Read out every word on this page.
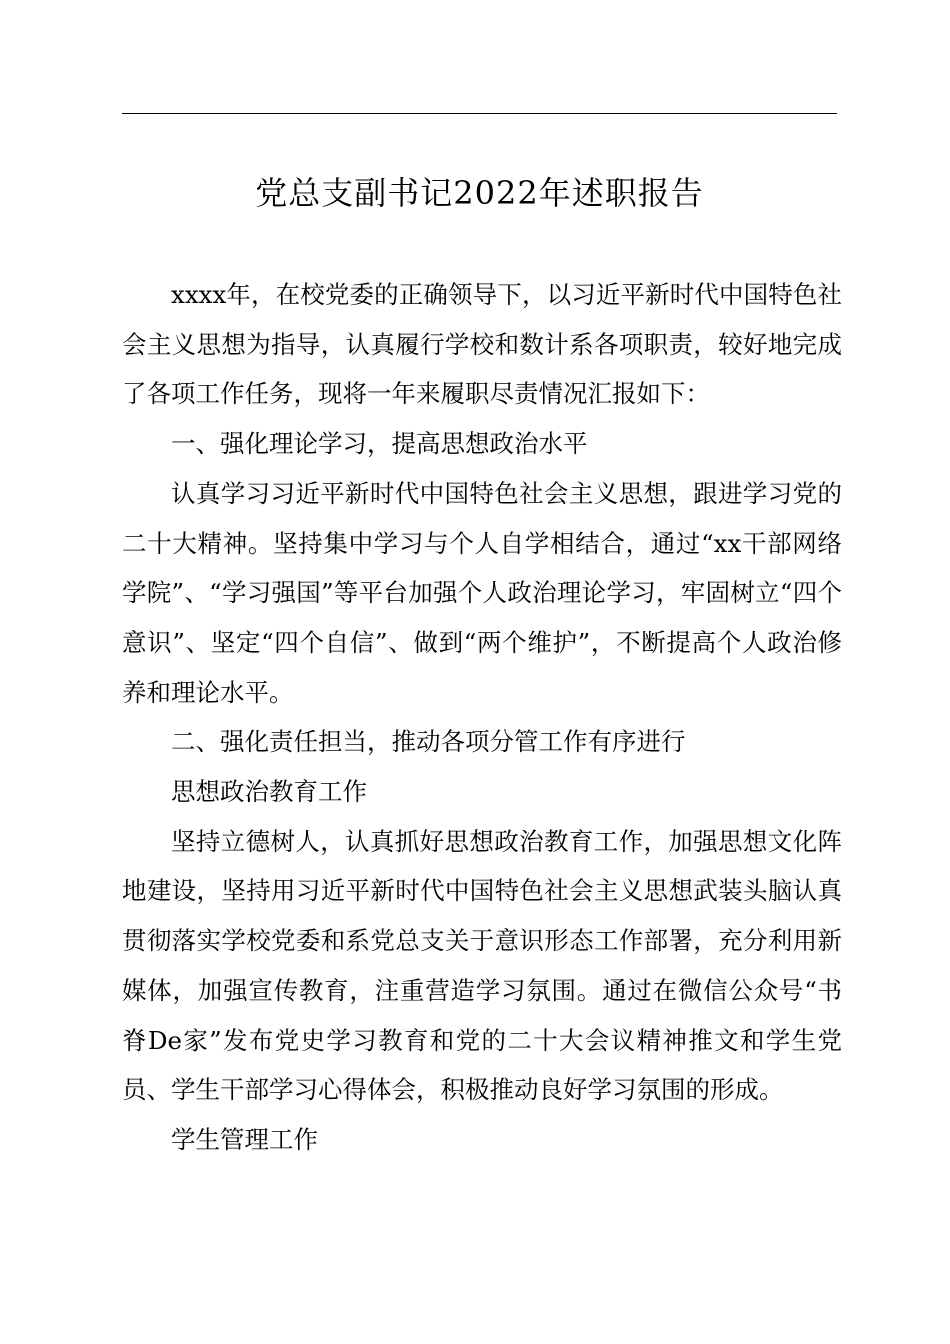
党总支副书记2022年述职报告

xxxx年，在校党委的正确领导下，以习近平新时代中国特色社会主义思想为指导，认真履行学校和数计系各项职责，较好地完成了各项工作任务，现将一年来履职尽责情况汇报如下：

一、强化理论学习，提高思想政治水平

认真学习习近平新时代中国特色社会主义思想，跟进学习党的二十大精神。坚持集中学习与个人自学相结合，通过“xx干部网络学院”、“学习强国”等平台加强个人政治理论学习，牢固树立“四个意识”、坚定“四个自信”、做到“两个维护”，不断提高个人政治修养和理论水平。

二、强化责任担当，推动各项分管工作有序进行

思想政治教育工作

坚持立德树人，认真抓好思想政治教育工作，加强思想文化阵地建设，坚持用习近平新时代中国特色社会主义思想武装头脑认真贯彻落实学校党委和系党总支关于意识形态工作部署，充分利用新媒体，加强宣传教育，注重营造学习氛围。通过在微信公众号“书脊De家”发布党史学习教育和党的二十大会议精神推文和学生党员、学生干部学习心得体会，积极推动良好学习氛围的形成。

学生管理工作
